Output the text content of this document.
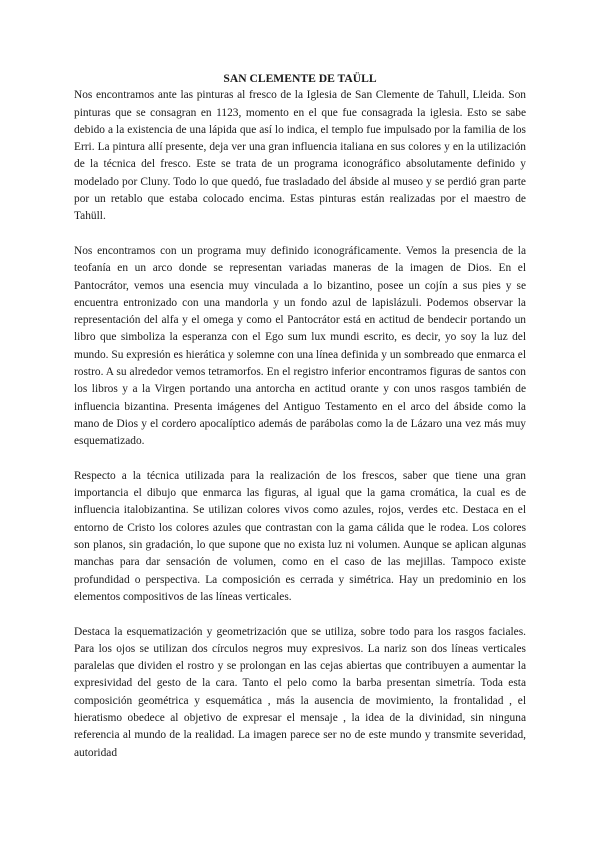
SAN CLEMENTE DE TAÜLL

Nos encontramos ante las pinturas al fresco de la Iglesia de San Clemente de Tahull, Lleida. Son pinturas que se consagran en 1123, momento en el que fue consagrada la iglesia. Esto se sabe debido a la existencia de una lápida que así lo indica, el templo fue impulsado por la familia de los Erri. La pintura allí presente, deja ver una gran influencia italiana en sus colores y en la utilización de la técnica del fresco. Este se trata de un programa iconográfico absolutamente definido y modelado por Cluny. Todo lo que quedó, fue trasladado del ábside al museo y se perdió gran parte por un retablo que estaba colocado encima. Estas pinturas están realizadas por el maestro de Tahüll.

Nos encontramos con un programa muy definido iconográficamente. Vemos la presencia de la teofanía en un arco donde se representan variadas maneras de la imagen de Dios. En el Pantocrátor, vemos una esencia muy vinculada a lo bizantino, posee un cojín a sus pies y se encuentra entronizado con una mandorla y un fondo azul de lapislázuli. Podemos observar la representación del alfa y el omega y como el Pantocrátor está en actitud de bendecir portando un libro que simboliza la esperanza con el Ego sum lux mundi escrito, es decir, yo soy la luz del mundo. Su expresión es hierática y solemne con una línea definida y un sombreado que enmarca el rostro. A su alrededor vemos tetramorfos. En el registro inferior encontramos figuras de santos con los libros y a la Virgen portando una antorcha en actitud orante y con unos rasgos también de influencia bizantina. Presenta imágenes del Antiguo Testamento en el arco del ábside como la mano de Dios y el cordero apocalíptico además de parábolas como la de Lázaro una vez más muy esquematizado.

Respecto a la técnica utilizada para la realización de los frescos, saber que tiene una gran importancia el dibujo que enmarca las figuras, al igual que la gama cromática, la cual es de influencia italobizantina. Se utilizan colores vivos como azules, rojos, verdes etc. Destaca en el entorno de Cristo los colores azules que contrastan con la gama cálida que le rodea. Los colores son planos, sin gradación, lo que supone que no exista luz ni volumen. Aunque se aplican algunas manchas para dar sensación de volumen, como en el caso de las mejillas. Tampoco existe profundidad o perspectiva. La composición es cerrada y simétrica. Hay un predominio en los elementos compositivos de las líneas verticales.

Destaca la esquematización y geometrización que se utiliza, sobre todo para los rasgos faciales. Para los ojos se utilizan dos círculos negros muy expresivos. La nariz son dos líneas verticales paralelas que dividen el rostro y se prolongan en las cejas abiertas que contribuyen a aumentar la expresividad del gesto de la cara. Tanto el pelo como la barba presentan simetría. Toda esta composición geométrica y esquemática , más la ausencia de movimiento, la frontalidad , el hieratismo obedece al objetivo de expresar el mensaje , la idea de la divinidad, sin ninguna referencia al mundo de la realidad. La imagen parece ser no de este mundo y transmite severidad, autoridad
